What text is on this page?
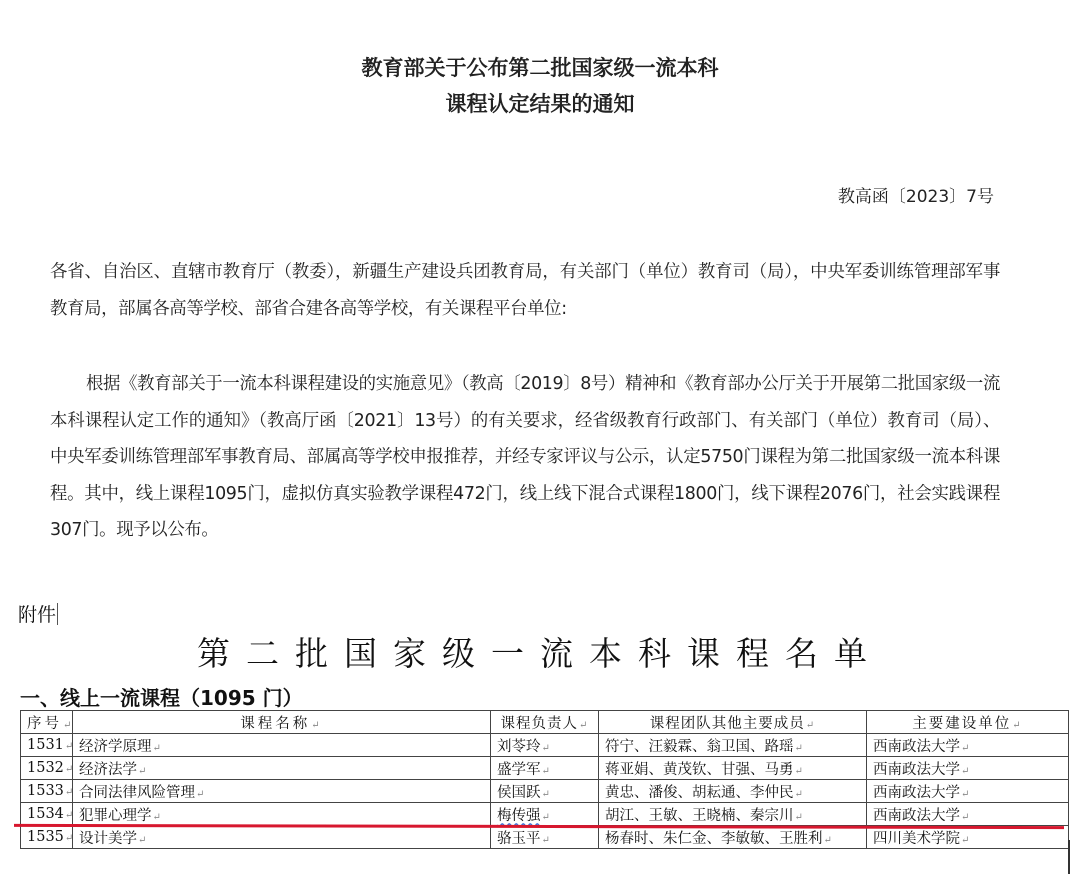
教育部关于公布第二批国家级一流本科
课程认定结果的通知
教高函〔2023〕7号
各省、自治区、直辖市教育厅（教委），新疆生产建设兵团教育局，有关部门（单位）教育司（局），中央军委训练管理部军事教育局，部属各高等学校、部省合建各高等学校，有关课程平台单位:
根据《教育部关于一流本科课程建设的实施意见》（教高〔2019〕8号）精神和《教育部办公厅关于开展第二批国家级一流本科课程认定工作的通知》（教高厅函〔2021〕13号）的有关要求，经省级教育行政部门、有关部门（单位）教育司（局）、中央军委训练管理部军事教育局、部属高等学校申报推荐，并经专家评议与公示，认定5750门课程为第二批国家级一流本科课程。其中，线上课程1095门，虚拟仿真实验教学课程472门，线上线下混合式课程1800门，线下课程2076门，社会实践课程307门。现予以公布。
附件
第二批国家级一流本科课程名单
一、线上一流课程（1095 门）
序号 ↵	课程名称 ↵	课程负责人 ↵	课程团队其他主要成员 ↵	主要建设单位 ↵
1531 ↵	经济学原理 ↵	刘苓玲 ↵	符宁、汪毅霖、翁卫国、路瑶 ↵	西南政法大学 ↵
1532 ↵	经济法学 ↵	盛学军 ↵	蒋亚娟、黄茂钦、甘强、马勇 ↵	西南政法大学 ↵
1533 ↵	合同法律风险管理 ↵	侯国跃 ↵	黄忠、潘俊、胡耘通、李仲民 ↵	西南政法大学 ↵
1534 ↵	犯罪心理学 ↵	梅传强 ↵	胡江、王敏、王晓楠、秦宗川 ↵	西南政法大学 ↵
1535 ↵	设计美学 ↵	骆玉平 ↵	杨春时、朱仁金、李敏敏、王胜利 ↵	四川美术学院 ↵
